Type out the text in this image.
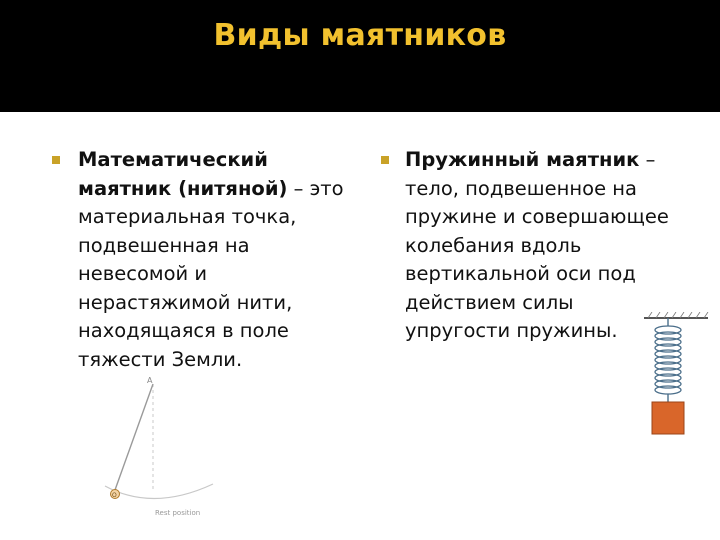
Виды маятников
Математический маятник (нитяной) – это материальная точка, подвешенная на невесомой и нерастяжимой нити, находящаяся в поле тяжести Земли.
Пружинный маятник – тело, подвешенное на пружине и совершающее колебания вдоль вертикальной оси под действием силы упругости пружины.
A
O
Rest position
